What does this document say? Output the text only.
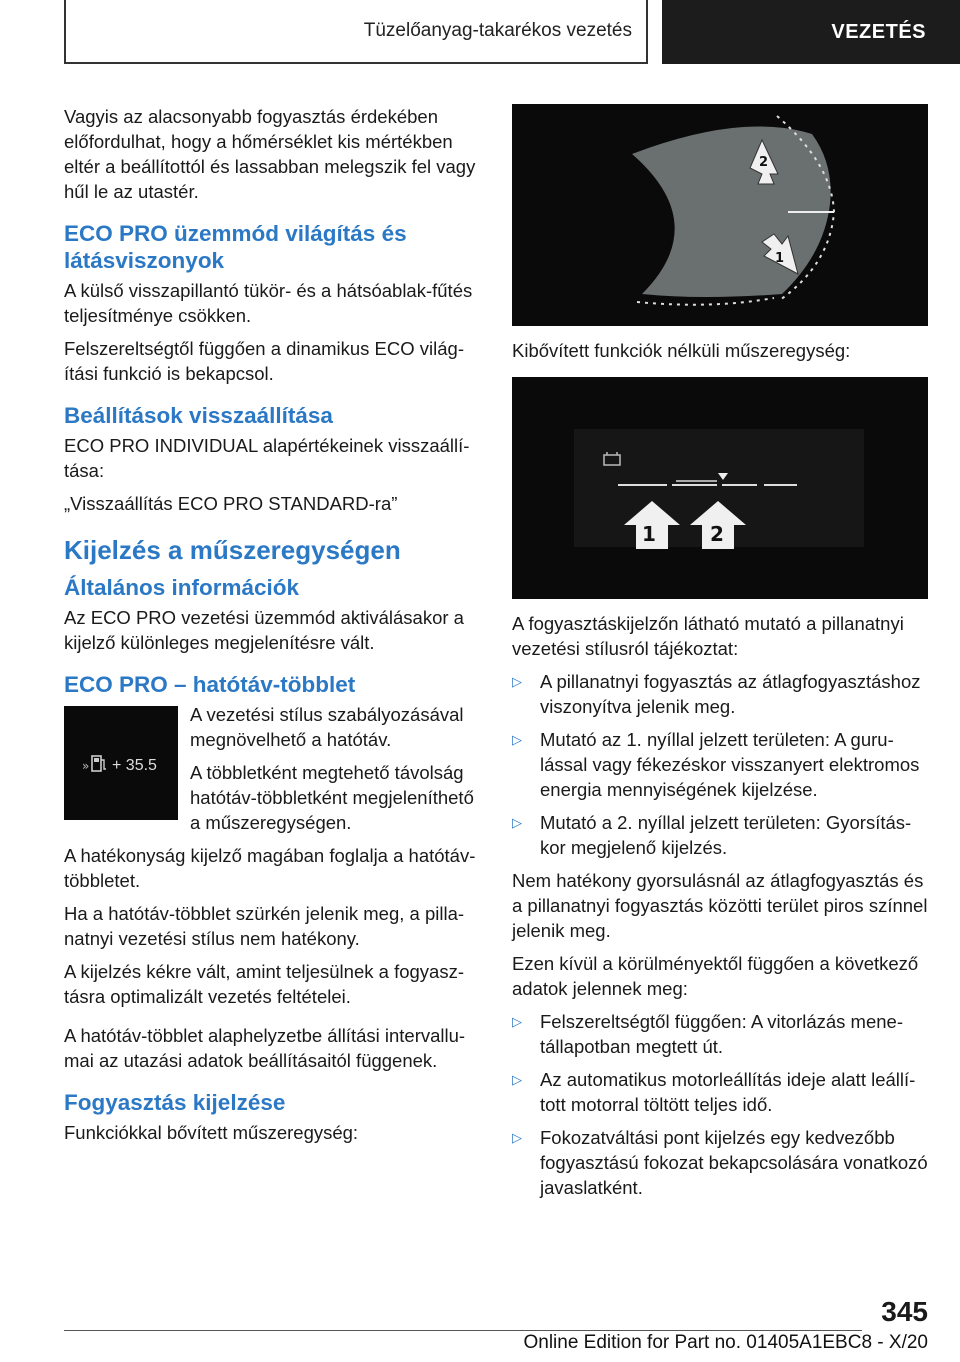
Tüzelőanyag-takarékos vezetés	VEZETÉS

Vagyis az alacsonyabb fogyasztás érdekében előfordulhat, hogy a hőmérséklet kis mértékben eltér a beállítottól és lassabban melegszik fel vagy hűl le az utastér.

ECO PRO üzemmód világítás és látásviszonyok

A külső visszapillantó tükör- és a hátsóablak-fűtés teljesítménye csökken.

Felszereltségtől függően a dinamikus ECO világítási funkció is bekapcsol.

Beállítások visszaállítása

ECO PRO INDIVIDUAL alapértékeinek visszaállítása:

„Visszaállítás ECO PRO STANDARD-ra”

Kijelzés a műszeregységen
Általános információk

Az ECO PRO vezetési üzemmód aktiválásakor a kijelző különleges megjelenítésre vált.

ECO PRO – hatótáv-többlet
» + 35.5

A vezetési stílus szabályozásával megnövelhető a hatótáv.

A többletként megtehető távolság hatótáv-többletként megjeleníthető a műszeregységen.

A hatékonyság kijelző magában foglalja a hatótáv-többletet.

Ha a hatótáv-többlet szürkén jelenik meg, a pillanatnyi vezetési stílus nem hatékony.

A kijelzés kékre vált, amint teljesülnek a fogyasztásra optimalizált vezetés feltételei.

A hatótáv-többlet alaphelyzetbe állítási intervallumai az utazási adatok beállításaitól függenek.

Fogyasztás kijelzése

Funkciókkal bővített műszeregység:

2
1

Kibővített funkciók nélküli műszeregység:

1	2

A fogyasztáskijelzőn látható mutató a pillanatnyi vezetési stílusról tájékoztat:

▷ A pillanatnyi fogyasztás az átlagfogyasztáshoz viszonyítva jelenik meg.
▷ Mutató az 1. nyíllal jelzett területen: A gurulással vagy fékezéskor visszanyert elektromos energia mennyiségének kijelzése.
▷ Mutató a 2. nyíllal jelzett területen: Gyorsításkor megjelenő kijelzés.

Nem hatékony gyorsulásnál az átlagfogyasztás és a pillanatnyi fogyasztás közötti terület piros színnel jelenik meg.

Ezen kívül a körülményektől függően a következő adatok jelennek meg:

▷ Felszereltségtől függően: A vitorlázás menetállapotban megtett út.
▷ Az automatikus motorleállítás ideje alatt leállított motorral töltött teljes idő.
▷ Fokozatváltási pont kijelzés egy kedvezőbb fogyasztású fokozat bekapcsolására vonatkozó javaslatként.
345
Online Edition for Part no. 01405A1EBC8 - X/20
